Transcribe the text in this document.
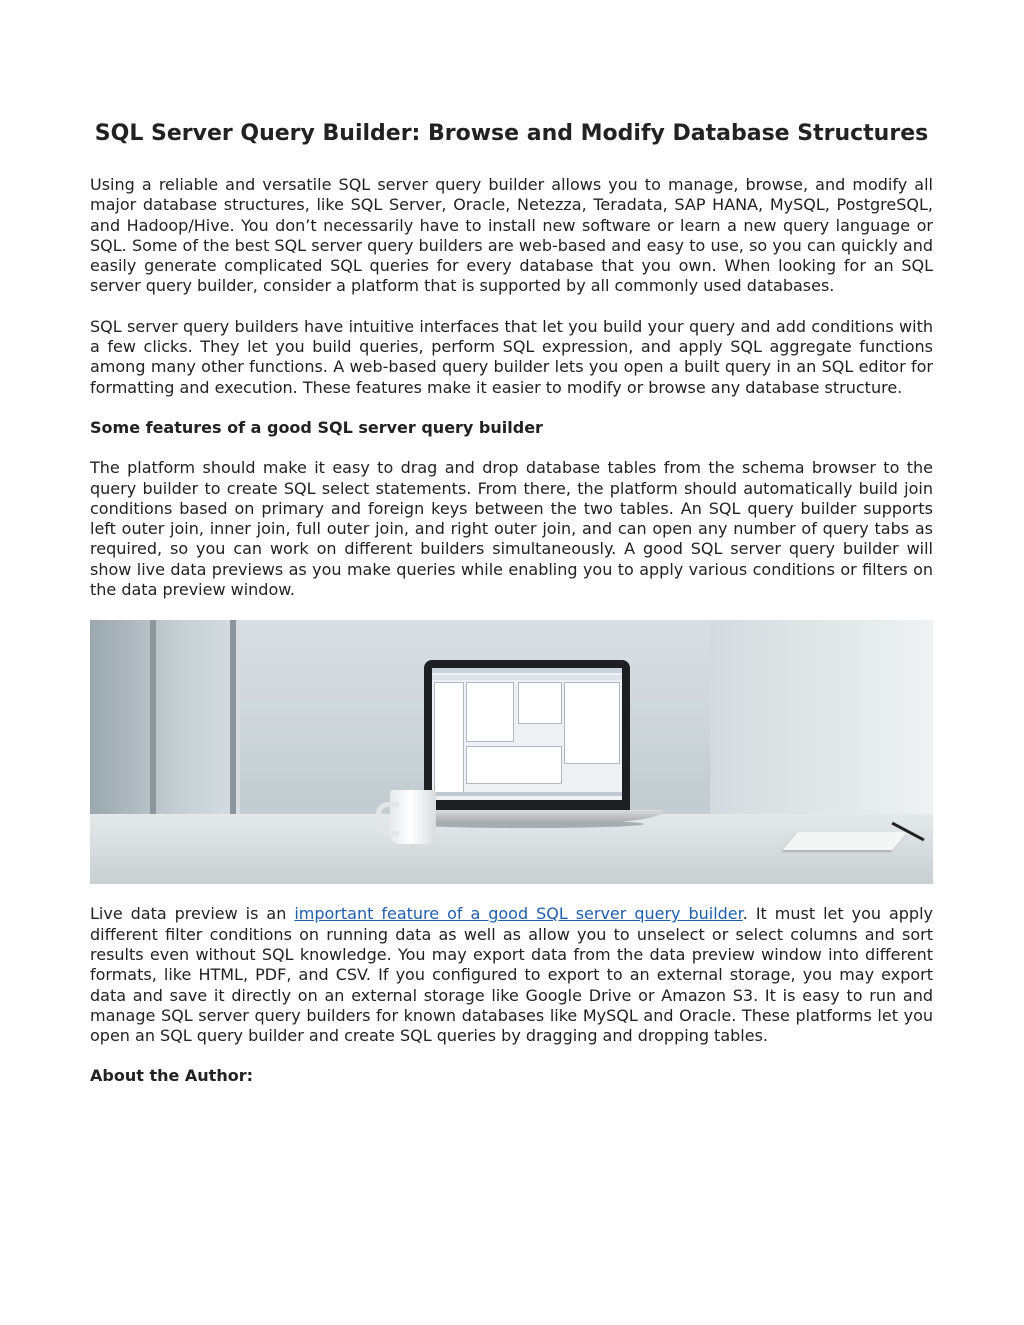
SQL Server Query Builder: Browse and Modify Database Structures

Using a reliable and versatile SQL server query builder allows you to manage, browse, and modify all major database structures, like SQL Server, Oracle, Netezza, Teradata, SAP HANA, MySQL, PostgreSQL, and Hadoop/Hive. You don’t necessarily have to install new software or learn a new query language or SQL. Some of the best SQL server query builders are web-based and easy to use, so you can quickly and easily generate complicated SQL queries for every database that you own. When looking for an SQL server query builder, consider a platform that is supported by all commonly used databases.

SQL server query builders have intuitive interfaces that let you build your query and add conditions with a few clicks. They let you build queries, perform SQL expression, and apply SQL aggregate functions among many other functions. A web-based query builder lets you open a built query in an SQL editor for formatting and execution. These features make it easier to modify or browse any database structure.

Some features of a good SQL server query builder

The platform should make it easy to drag and drop database tables from the schema browser to the query builder to create SQL select statements. From there, the platform should automatically build join conditions based on primary and foreign keys between the two tables. An SQL query builder supports left outer join, inner join, full outer join, and right outer join, and can open any number of query tabs as required, so you can work on different builders simultaneously. A good SQL server query builder will show live data previews as you make queries while enabling you to apply various conditions or filters on the data preview window.

Live data preview is an important feature of a good SQL server query builder. It must let you apply different filter conditions on running data as well as allow you to unselect or select columns and sort results even without SQL knowledge. You may export data from the data preview window into different formats, like HTML, PDF, and CSV. If you configured to export to an external storage, you may export data and save it directly on an external storage like Google Drive or Amazon S3. It is easy to run and manage SQL server query builders for known databases like MySQL and Oracle. These platforms let you open an SQL query builder and create SQL queries by dragging and dropping tables.

About the Author:
